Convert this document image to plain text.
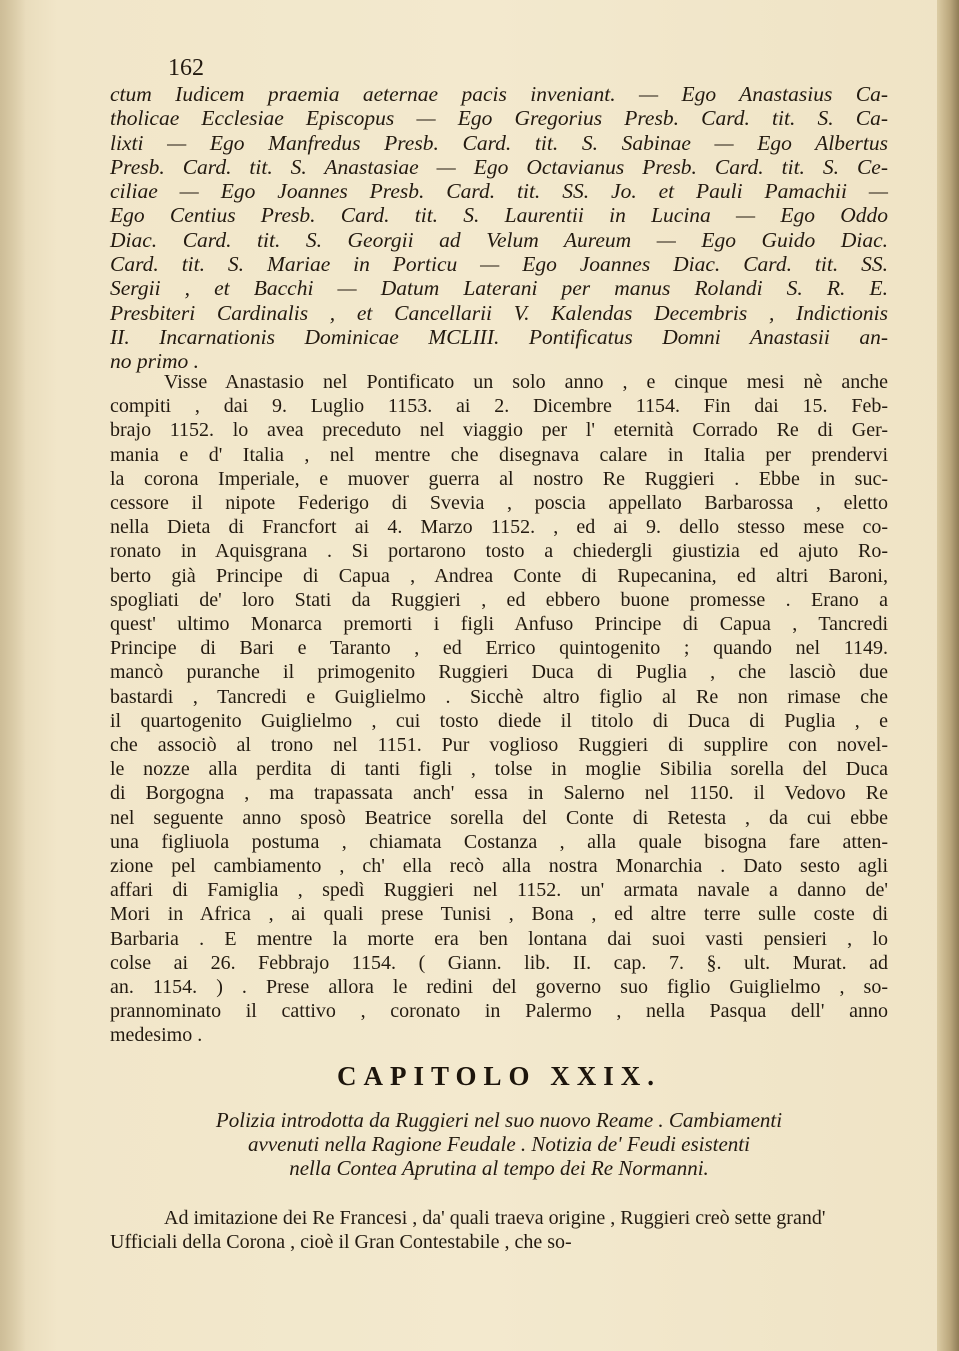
162
ctum Iudicem praemia aeternae pacis inveniant. — Ego Anastasius Ca-
tholicae Ecclesiae Episcopus — Ego Gregorius Presb. Card. tit. S. Ca-
lixti — Ego Manfredus Presb. Card. tit. S. Sabinae — Ego Albertus
Presb. Card. tit. S. Anastasiae — Ego Octavianus Presb. Card. tit. S. Ce-
ciliae — Ego Joannes Presb. Card. tit. SS. Jo. et Pauli Pamachii —
Ego Centius Presb. Card. tit. S. Laurentii in Lucina — Ego Oddo
Diac. Card. tit. S. Georgii ad Velum Aureum — Ego Guido Diac.
Card. tit. S. Mariae in Porticu — Ego Joannes Diac. Card. tit. SS.
Sergii , et Bacchi — Datum Laterani per manus Rolandi S. R. E.
Presbiteri Cardinalis , et Cancellarii V. Kalendas Decembris , Indictionis
II. Incarnationis Dominicae MCLIII. Pontificatus Domni Anastasii an-
no primo .
Visse Anastasio nel Pontificato un solo anno , e cinque mesi nè anche
compiti , dai 9. Luglio 1153. ai 2. Dicembre 1154. Fin dai 15. Feb-
brajo 1152. lo avea preceduto nel viaggio per l' eternità Corrado Re di Ger-
mania e d' Italia , nel mentre che disegnava calare in Italia per prendervi
la corona Imperiale, e muover guerra al nostro Re Ruggieri . Ebbe in suc-
cessore il nipote Federigo di Svevia , poscia appellato Barbarossa , eletto
nella Dieta di Francfort ai 4. Marzo 1152. , ed ai 9. dello stesso mese co-
ronato in Aquisgrana . Si portarono tosto a chiedergli giustizia ed ajuto Ro-
berto già Principe di Capua , Andrea Conte di Rupecanina, ed altri Baroni,
spogliati de' loro Stati da Ruggieri , ed ebbero buone promesse . Erano a
quest' ultimo Monarca premorti i figli Anfuso Principe di Capua , Tancredi
Principe di Bari e Taranto , ed Errico quintogenito ; quando nel 1149.
mancò puranche il primogenito Ruggieri Duca di Puglia , che lasciò due
bastardi , Tancredi e Guiglielmo . Sicchè altro figlio al Re non rimase che
il quartogenito Guiglielmo , cui tosto diede il titolo di Duca di Puglia , e
che associò al trono nel 1151. Pur voglioso Ruggieri di supplire con novel-
le nozze alla perdita di tanti figli , tolse in moglie Sibilia sorella del Duca
di Borgogna , ma trapassata anch' essa in Salerno nel 1150. il Vedovo Re
nel seguente anno sposò Beatrice sorella del Conte di Retesta , da cui ebbe
una figliuola postuma , chiamata Costanza , alla quale bisogna fare atten-
zione pel cambiamento , ch' ella recò alla nostra Monarchia . Dato sesto agli
affari di Famiglia , spedì Ruggieri nel 1152. un' armata navale a danno de'
Mori in Africa , ai quali prese Tunisi , Bona , ed altre terre sulle coste di
Barbaria . E mentre la morte era ben lontana dai suoi vasti pensieri , lo
colse ai 26. Febbrajo 1154. ( Giann. lib. II. cap. 7. §. ult. Murat. ad
an. 1154. ) . Prese allora le redini del governo suo figlio Guiglielmo , so-
prannominato il cattivo , coronato in Palermo , nella Pasqua dell' anno
medesimo .
CAPITOLO XXIX.
Polizia introdotta da Ruggieri nel suo nuovo Reame . Cambiamenti
avvenuti nella Ragione Feudale . Notizia de' Feudi esistenti
nella Contea Aprutina al tempo dei Re Normanni.
Ad imitazione dei Re Francesi , da' quali traeva origine , Ruggieri creò sette grand' Ufficiali della Corona , cioè il Gran Contestabile , che so-
